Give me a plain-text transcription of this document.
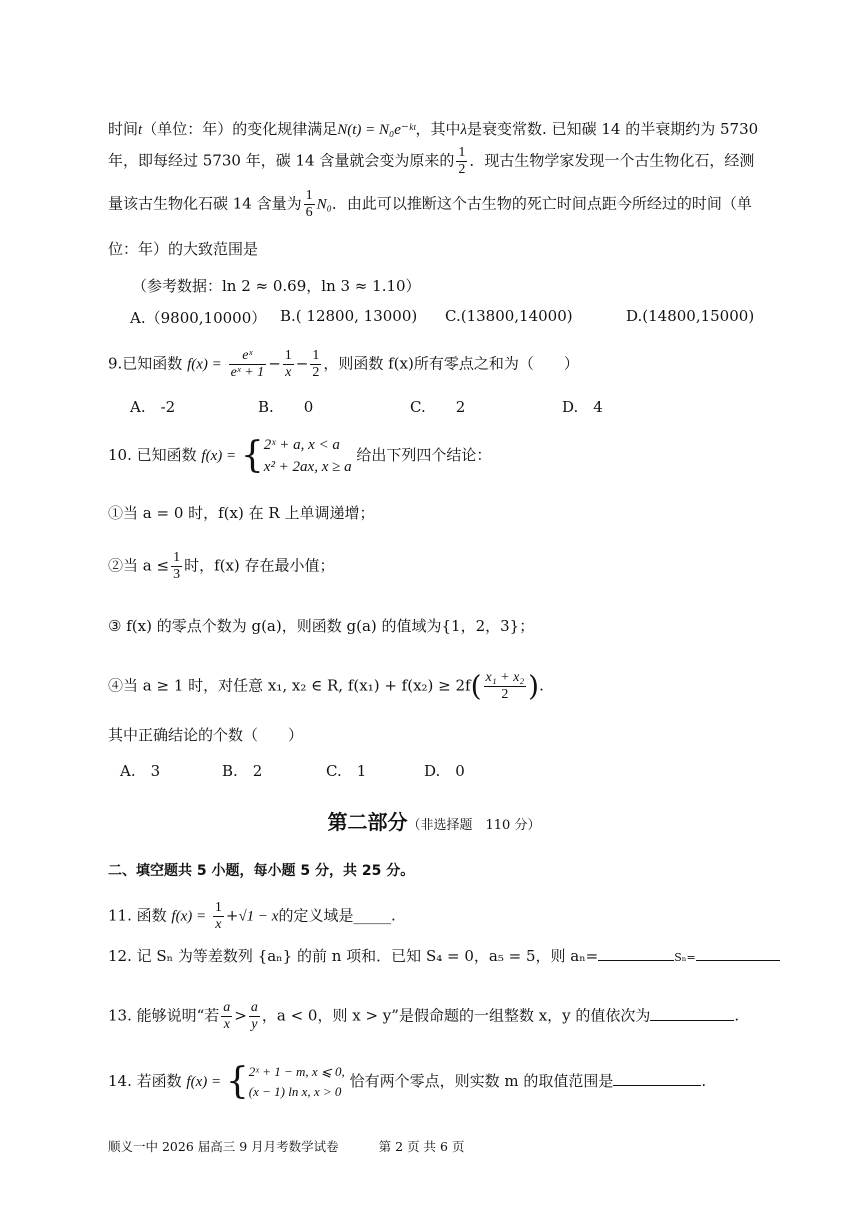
时间t（单位：年）的变化规律满足N(t) = N₀e⁻ᵏᵗ，其中λ是衰变常数. 已知碳 14 的半衰期约为 5730
年，即每经过 5730 年，碳 14 含量就会变为原来的 $\frac{1}{2}$ ．现古生物学家发现一个古生物化石，经测
量该古生物化石碳 14 含量为 $\frac{1}{6} N_0$．由此可以推断这个古生物的死亡时间点距今所经过的时间（单
位：年）的大致范围是
（参考数据：ln 2 ≈ 0.69，ln 3 ≈ 1.10）
A.（9800,10000） B.( 12800, 13000) C.(13800,14000)	D.(14800,15000)
9.已知函数 $f(x) = \frac{\text{eˣ}}{\text{eˣ + 1}} - \frac{1}{x} - \frac{1}{2}$ ，则函数 f(x)所有零点之和为（　　）
A.　-2	B.　　0	C.　　2	D.　4
10. 已知函数 f(x) = { 2ˣ + a, x < a
x² + 2ax, x ≥ a
给出下列四个结论：
①当 a = 0 时，f(x) 在 R 上单调递增；
②当 $a \le \frac{1}{3}$ 时，f(x) 存在最小值；
③ f(x) 的零点个数为 g(a)，则函数 g(a) 的值域为{1，2，3}；
④当 a ≥ 1 时，对任意 x₁, x₂ ∈ R, $f(x_1) + f(x_2) \ge 2f( \frac{\text{x₁ + x₂}}{2}$ ).
其中正确结论的个数（　　）
A.　3	B.　2	C.　1	D.　0
第二部分（非选择题　110 分）
二、填空题共 5 小题，每小题 5 分，共 25 分。
11. 函数 $f(x) = \frac{1}{x} +√1 - x$的定义域是_____.
12. 记 Sₙ 为等差数列 {aₙ} 的前 n 项和．已知 S₄ = 0，a₅ = 5，则 aₙ=	Sₙ=
13. 能够说明“若 $\frac{a}{x} > \frac{a}{y}$ ，a < 0，则 x > y”是假命题的一组整数 x，y 的值依次为	.
14. 若函数 f(x) = { 2ˣ + 1 − m, x ⩽ 0,
(x − 1) ln x, x > 0
恰有两个零点，则实数 m 的取值范围是	.
顺义一中 2026 届高三 9 月月考数学试卷	第 2 页 共 6 页
